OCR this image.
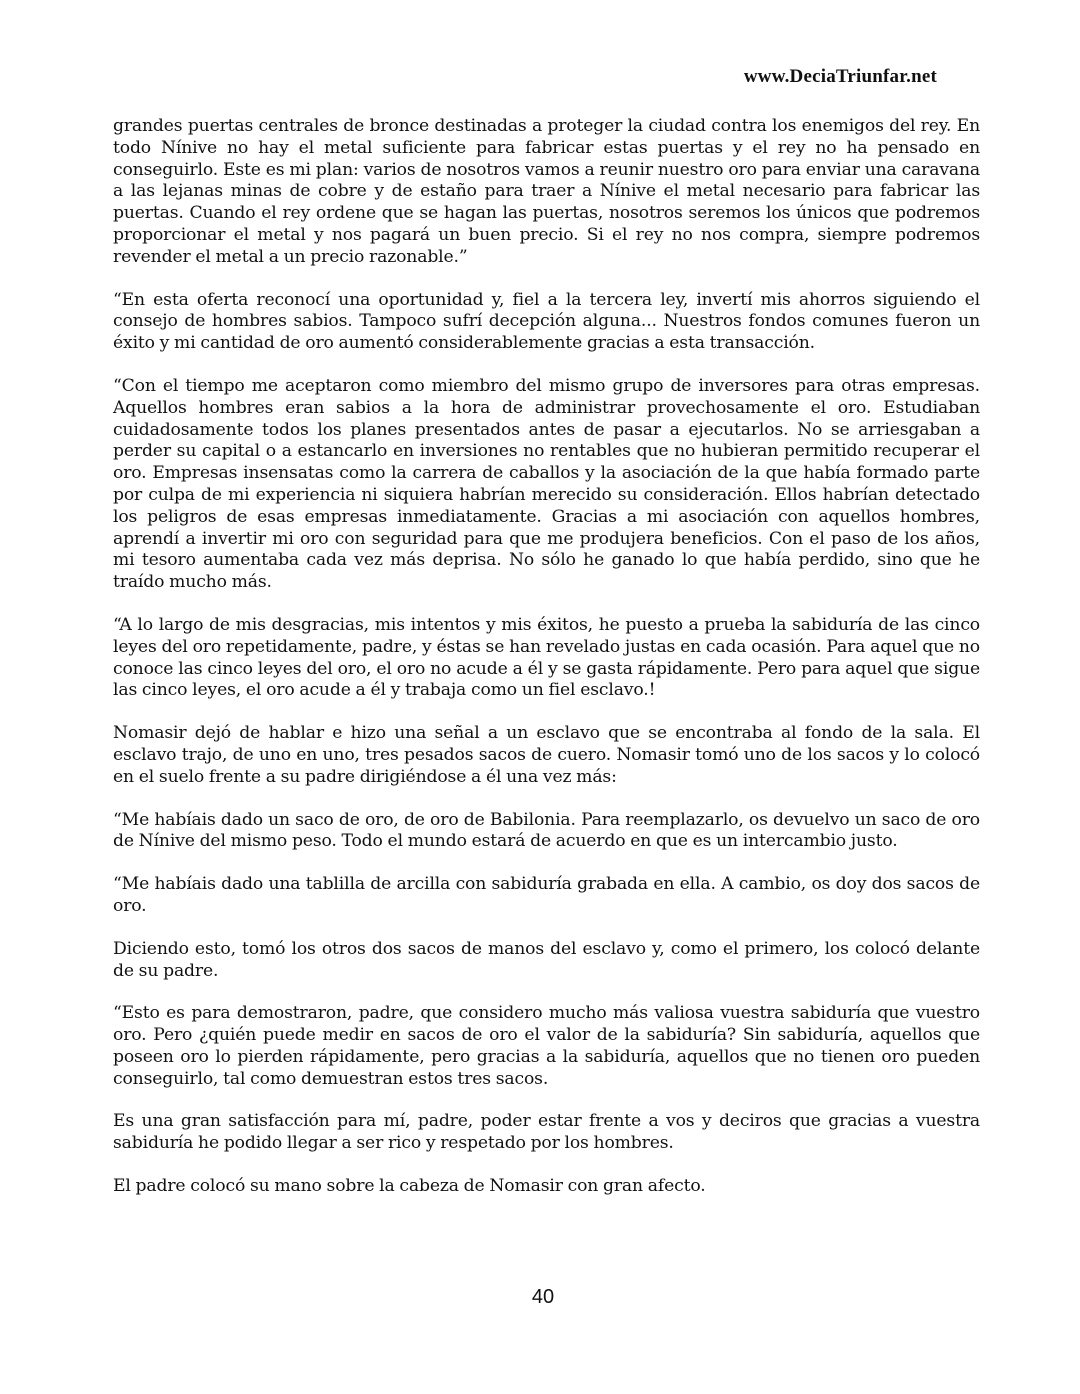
www.DeciaTriunfar.net

grandes puertas centrales de bronce destinadas a proteger la ciudad contra los enemigos del rey. En todo Nínive no hay el metal suficiente para fabricar estas puertas y el rey no ha pensado en conseguirlo. Este es mi plan: varios de nosotros vamos a reunir nuestro oro para enviar una caravana a las lejanas minas de cobre y de estaño para traer a Nínive el metal necesario para fabricar las puertas. Cuando el rey ordene que se hagan las puertas, nosotros seremos los únicos que podremos proporcionar el metal y nos pagará un buen precio. Si el rey no nos compra, siempre podremos revender el metal a un precio razonable.”

“En esta oferta reconocí una oportunidad y, fiel a la tercera ley, invertí mis ahorros siguiendo el consejo de hombres sabios. Tampoco sufrí decepción alguna... Nuestros fondos comunes fueron un éxito y mi cantidad de oro aumentó considerablemente gracias a esta transacción.

“Con el tiempo me aceptaron como miembro del mismo grupo de inversores para otras empresas. Aquellos hombres eran sabios a la hora de administrar provechosamente el oro. Estudiaban cuidadosamente todos los planes presentados antes de pasar a ejecutarlos. No se arriesgaban a perder su capital o a estancarlo en inversiones no rentables que no hubieran permitido recuperar el oro. Empresas insensatas como la carrera de caballos y la asociación de la que había formado parte por culpa de mi experiencia ni siquiera habrían merecido su consideración. Ellos habrían detectado los peligros de esas empresas inmediatamente. Gracias a mi asociación con aquellos hombres, aprendí a invertir mi oro con seguridad para que me produjera beneficios. Con el paso de los años, mi tesoro aumentaba cada vez más deprisa. No sólo he ganado lo que había perdido, sino que he traído mucho más.

“A lo largo de mis desgracias, mis intentos y mis éxitos, he puesto a prueba la sabiduría de las cinco leyes del oro repetidamente, padre, y éstas se han revelado justas en cada ocasión. Para aquel que no conoce las cinco leyes del oro, el oro no acude a él y se gasta rápidamente. Pero para aquel que sigue las cinco leyes, el oro acude a él y trabaja como un fiel esclavo.!

Nomasir dejó de hablar e hizo una señal a un esclavo que se encontraba al fondo de la sala. El esclavo trajo, de uno en uno, tres pesados sacos de cuero. Nomasir tomó uno de los sacos y lo colocó en el suelo frente a su padre dirigiéndose a él una vez más:

“Me habíais dado un saco de oro, de oro de Babilonia. Para reemplazarlo, os devuelvo un saco de oro de Nínive del mismo peso. Todo el mundo estará de acuerdo en que es un intercambio justo.

“Me habíais dado una tablilla de arcilla con sabiduría grabada en ella. A cambio, os doy dos sacos de oro.

Diciendo esto, tomó los otros dos sacos de manos del esclavo y, como el primero, los colocó delante de su padre.

“Esto es para demostraron, padre, que considero mucho más valiosa vuestra sabiduría que vuestro oro. Pero ¿quién puede medir en sacos de oro el valor de la sabiduría? Sin sabiduría, aquellos que poseen oro lo pierden rápidamente, pero gracias a la sabiduría, aquellos que no tienen oro pueden conseguirlo, tal como demuestran estos tres sacos.

Es una gran satisfacción para mí, padre, poder estar frente a vos y deciros que gracias a vuestra sabiduría he podido llegar a ser rico y respetado por los hombres.

El padre colocó su mano sobre la cabeza de Nomasir con gran afecto.

40
